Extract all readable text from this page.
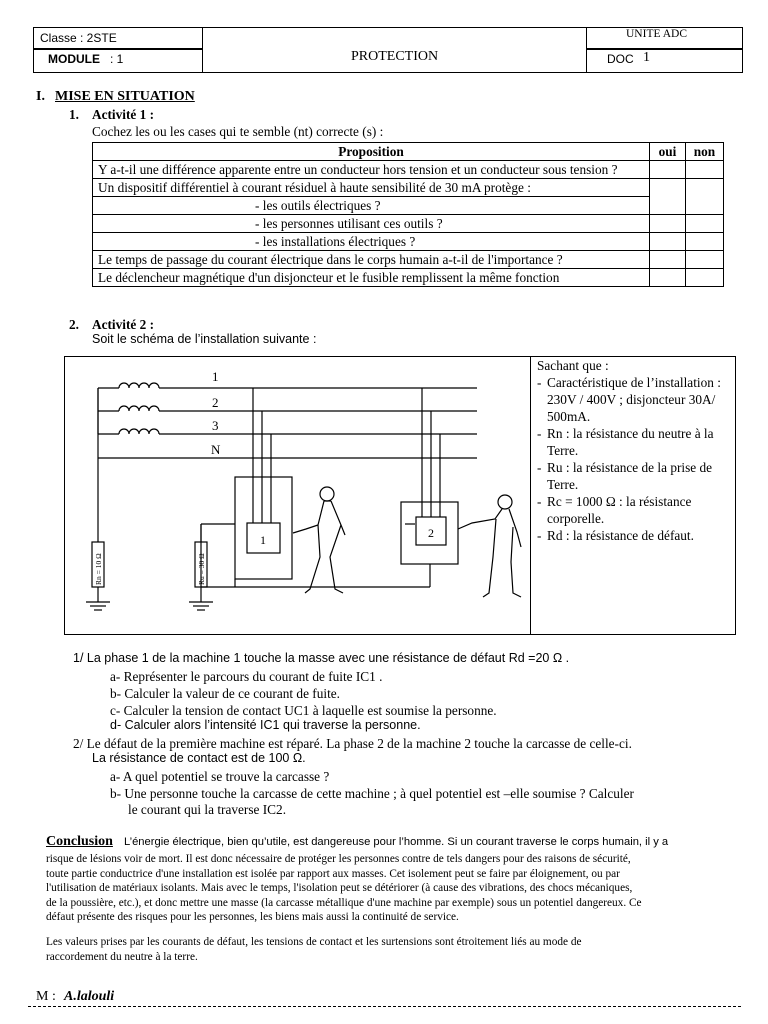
Classe : 2STE
MODULE : 1	PROTECTION
UNITE ADC
DOC 1
I. MISE EN SITUATION
1. Activité 1 :
Cochez les ou les cases qui te semble (nt) correcte (s) :
Proposition	oui	non
Y a-t-il une différence apparente entre un conducteur hors tension et un conducteur sous tension ?		
Un dispositif différentiel à courant résiduel à haute sensibilité de 30 mA protège :		
- les outils électriques ?		
- les personnes utilisant ces outils ?		
- les installations électriques ?		
Le temps de passage du courant électrique dans le corps humain a-t-il de l'importance ?		
Le déclencheur magnétique d'un disjoncteur et le fusible remplissent la même fonction		
2. Activité 2 :
Soit le schéma de l’installation suivante :
1
2
3
N
Rn = 10 Ω	Ru = 30 Ω
1	2
Sachant que :
- Caractéristique de l’installation : 230V / 400V ; disjoncteur 30A/ 500mA.
- Rn : la résistance du neutre à la Terre.
- Ru : la résistance de la prise de Terre.
- Rc = 1000 Ω : la résistance corporelle.
- Rd : la résistance de défaut.
1/ La phase 1 de la machine 1 touche la masse avec une résistance de défaut Rd =20 Ω .
a- Représenter le parcours du courant de fuite IC1 .
b- Calculer la valeur de ce courant de fuite.
c- Calculer la tension de contact UC1 à laquelle est soumise la personne.
d- Calculer alors l’intensité IC1 qui traverse la personne.
2/ Le défaut de la première machine est réparé. La phase 2 de la machine 2 touche la carcasse de celle-ci.
La résistance de contact est de 100 Ω.
a- A quel potentiel se trouve la carcasse ?
b- Une personne touche la carcasse de cette machine ; à quel potentiel est –elle soumise ? Calculer
le courant qui la traverse IC2.
Conclusion L’énergie électrique, bien qu’utile, est dangereuse pour l’homme. Si un courant traverse le corps humain, il y a
risque de lésions voir de mort. Il est donc nécessaire de protéger les personnes contre de tels dangers pour des raisons de sécurité,
toute partie conductrice d'une installation est isolée par rapport aux masses. Cet isolement peut se faire par éloignement, ou par
l'utilisation de matériaux isolants. Mais avec le temps, l'isolation peut se détériorer (à cause des vibrations, des chocs mécaniques,
de la poussière, etc.), et donc mettre une masse (la carcasse métallique d'une machine par exemple) sous un potentiel dangereux. Ce
défaut présente des risques pour les personnes, les biens mais aussi la continuité de service.
Les valeurs prises par les courants de défaut, les tensions de contact et les surtensions sont étroitement liés au mode de
raccordement du neutre à la terre.
M : A.lalouli
